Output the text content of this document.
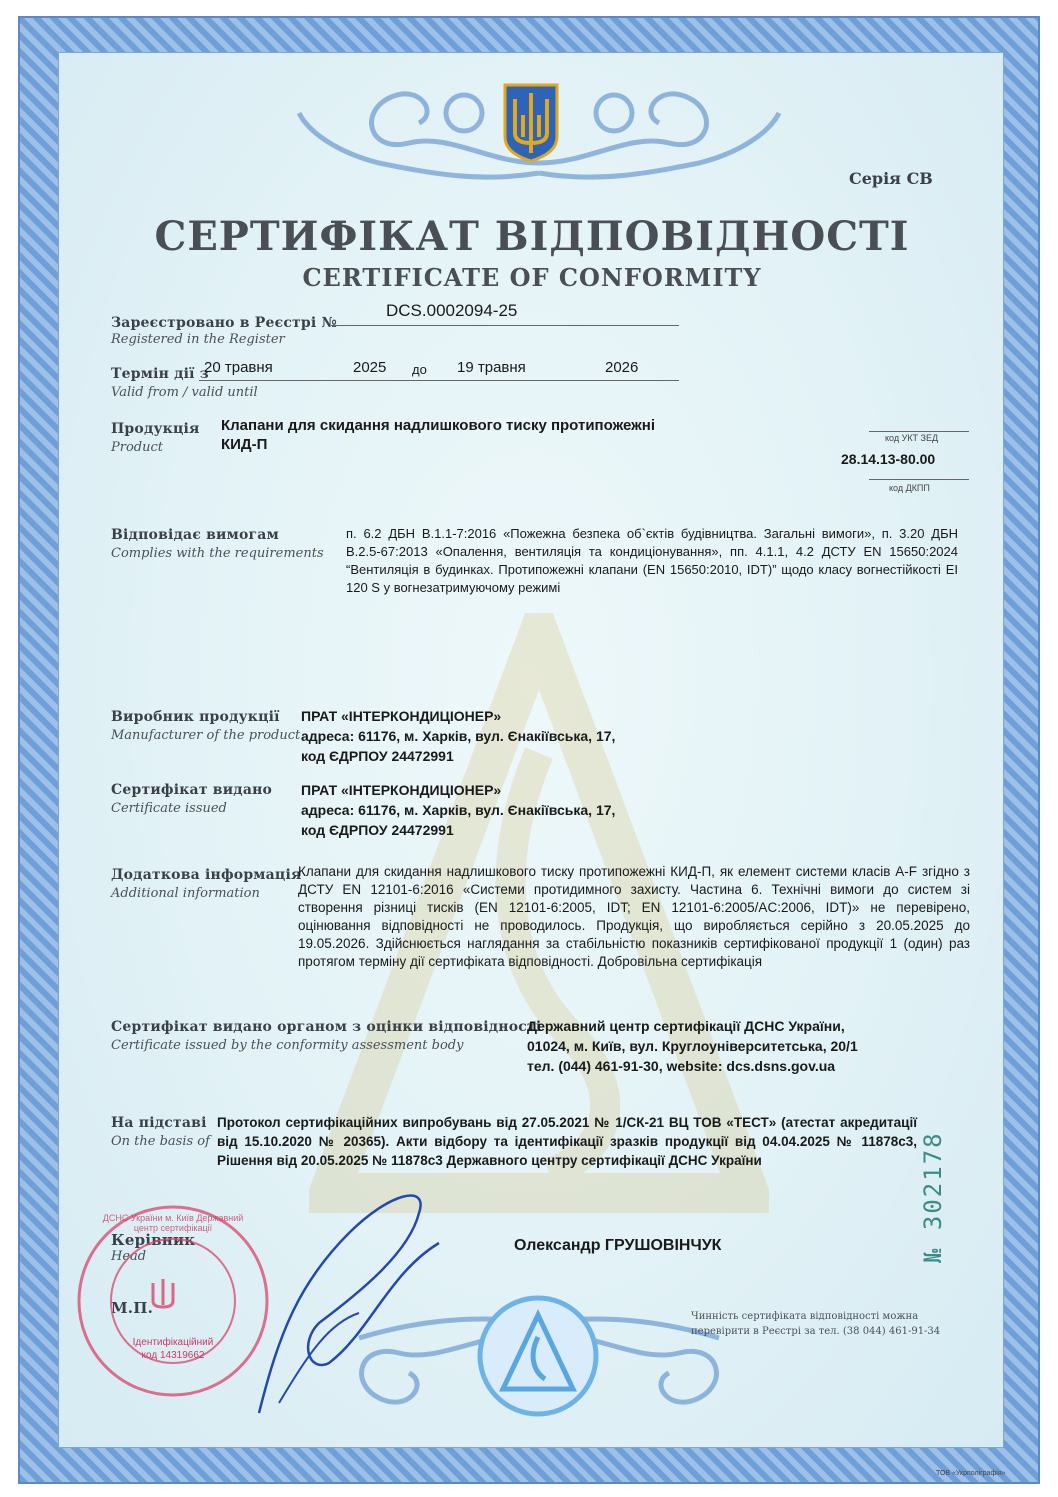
Серія СВ
СЕРТИФІКАТ ВІДПОВІДНОСТІ
CERTIFICATE OF CONFORMITY
Зареєстровано в Реєстрі №
Registered in the Register
DCS.0002094-25
Термін дії з
Valid from / valid until
20 травня	2025 до 19 травня	2026
Продукція
Product
Клапани для скидання надлишкового тиску протипожежні
КИД-П	код УКТ ЗЕД
28.14.13-80.00
код ДКПП
Відповідає вимогам
Complies with the requirements
п. 6.2 ДБН В.1.1-7:2016 «Пожежна безпека об`єктів будівництва. Загальні вимоги», п. 3.20 ДБН В.2.5-67:2013 «Опалення, вентиляція та кондиціонування», пп. 4.1.1, 4.2 ДСТУ EN 15650:2024 “Вентиляція в будинках. Протипожежні клапани (EN 15650:2010, IDT)” щодо класу вогнестійкості EI 120 S у вогнезатримуючому режимі
Виробник продукції
Manufacturer of the product
ПРАТ «ІНТЕРКОНДИЦІОНЕР»
адреса: 61176, м. Харків, вул. Єнакіївська, 17,
код ЄДРПОУ 24472991
Сертифікат видано
Certificate issued
ПРАТ «ІНТЕРКОНДИЦІОНЕР»
адреса: 61176, м. Харків, вул. Єнакіївська, 17,
код ЄДРПОУ 24472991
Додаткова інформація
Additional information
Клапани для скидання надлишкового тиску протипожежні КИД-П, як елемент системи класів A-F згідно з ДСТУ EN 12101-6:2016 «Системи протидимного захисту. Частина 6. Технічні вимоги до систем зі створення різниці тисків (EN 12101-6:2005, IDT; EN 12101-6:2005/AC:2006, IDT)» не перевірено, оцінювання відповідності не проводилось. Продукція, що виробляється серійно з 20.05.2025 до 19.05.2026. Здійснюється наглядання за стабільністю показників сертифікованої продукції 1 (один) раз протягом терміну дії сертифіката відповідності. Добровільна сертифікація
Сертифікат видано органом з оцінки відповідності
Certificate issued by the conformity assessment body
Державний центр сертифікації ДСНС України,
01024, м. Київ, вул. Круглоуніверситетська, 20/1
тел. (044) 461-91-30, website: dcs.dsns.gov.ua
На підставі
On the basis of
Протокол сертифікаційних випробувань від 27.05.2021 № 1/СК-21 ВЦ ТОВ «ТЕСТ» (атестат акредитації від 15.10.2020 № 20365). Акти відбору та ідентифікації зразків продукції від 04.04.2025 № 11878с3, Рішення від 20.05.2025 № 11878с3 Державного центру сертифікації ДСНС України	№ 302178
Керівник
Head
М.П.
Олександр ГРУШОВІНЧУК
Ідентифікаційний
код 14319662
ДСНС України м. Київ Державний центр сертифікації
Чинність сертифіката відповідності можна
перевірити в Реєстрі за тел. (38 044) 461-91-34
ТОВ «Укрполіграфія»
